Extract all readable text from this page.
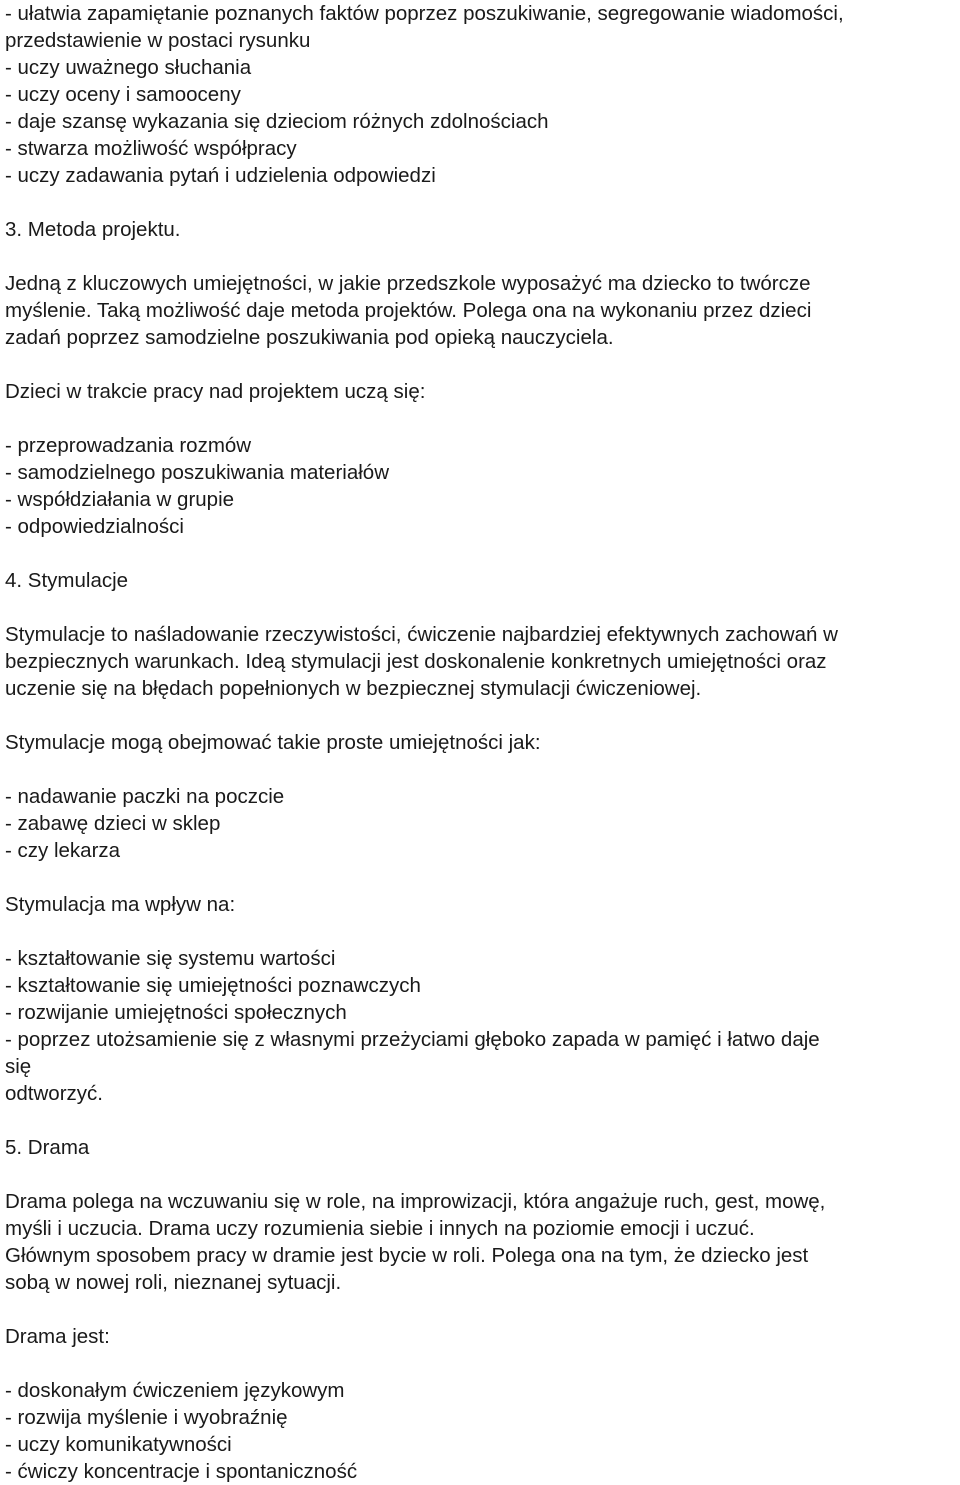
- ułatwia zapamiętanie poznanych faktów poprzez poszukiwanie, segregowanie wiadomości,
przedstawienie w postaci rysunku
- uczy uważnego słuchania
- uczy oceny i samooceny
- daje szansę wykazania się dzieciom różnych zdolnościach
- stwarza możliwość współpracy
- uczy zadawania pytań i udzielenia odpowiedzi
3. Metoda projektu.
Jedną z kluczowych umiejętności, w jakie przedszkole wyposażyć ma dziecko to twórcze
myślenie. Taką możliwość daje metoda projektów. Polega ona na wykonaniu przez dzieci
zadań poprzez samodzielne poszukiwania pod opieką nauczyciela.
Dzieci w trakcie pracy nad projektem uczą się:
- przeprowadzania rozmów
- samodzielnego poszukiwania materiałów
- współdziałania w grupie
- odpowiedzialności
4. Stymulacje
Stymulacje to naśladowanie rzeczywistości, ćwiczenie najbardziej efektywnych zachowań w
bezpiecznych warunkach. Ideą stymulacji jest doskonalenie konkretnych umiejętności oraz
uczenie się na błędach popełnionych w bezpiecznej stymulacji ćwiczeniowej.
Stymulacje mogą obejmować takie proste umiejętności jak:
- nadawanie paczki na poczcie
- zabawę dzieci w sklep
- czy lekarza
Stymulacja ma wpływ na:
- kształtowanie się systemu wartości
- kształtowanie się umiejętności poznawczych
- rozwijanie umiejętności społecznych
- poprzez utożsamienie się z własnymi przeżyciami głęboko zapada w pamięć i łatwo daje
się
odtworzyć.
5. Drama
Drama polega na wczuwaniu się w role, na improwizacji, która angażuje ruch, gest, mowę,
myśli i uczucia. Drama uczy rozumienia siebie i innych na poziomie emocji i uczuć.
Głównym sposobem pracy w dramie jest bycie w roli. Polega ona na tym, że dziecko jest
sobą w nowej roli, nieznanej sytuacji.
Drama jest:
- doskonałym ćwiczeniem językowym
- rozwija myślenie i wyobraźnię
- uczy komunikatywności
- ćwiczy koncentracje i spontaniczność
